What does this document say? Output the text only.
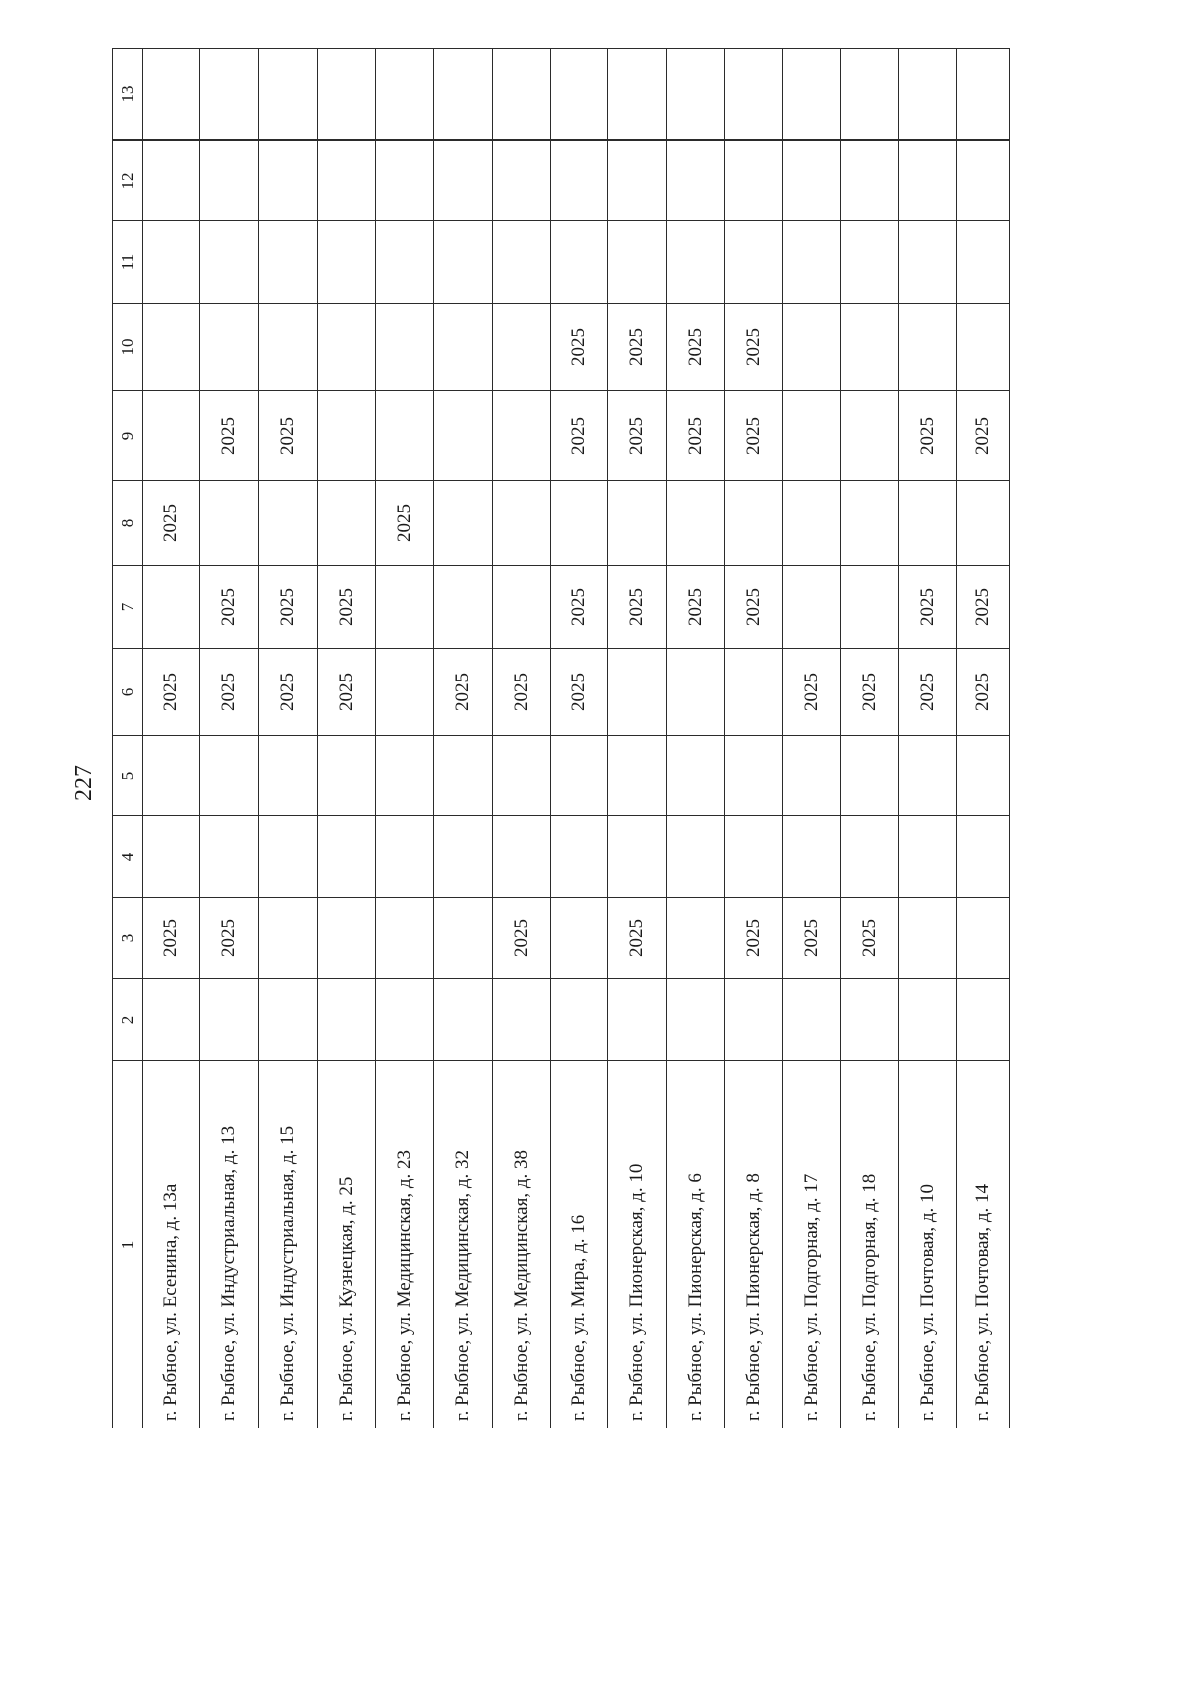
227
1
2
3
4
5
6
7
8
9
10
11
12
13
г. Рыбное, ул. Есенина, д. 13а
2025
2025
2025
г. Рыбное, ул. Индустриальная, д. 13
2025
2025
2025
2025
г. Рыбное, ул. Индустриальная, д. 15
2025
2025
2025
г. Рыбное, ул. Кузнецкая, д. 25
2025
2025
г. Рыбное, ул. Медицинская, д. 23
2025
г. Рыбное, ул. Медицинская, д. 32
2025
г. Рыбное, ул. Медицинская, д. 38
2025
2025
г. Рыбное, ул. Мира, д. 16
2025
2025
2025
2025
г. Рыбное, ул. Пионерская, д. 10
2025
2025
2025
2025
г. Рыбное, ул. Пионерская, д. 6
2025
2025
2025
г. Рыбное, ул. Пионерская, д. 8
2025
2025
2025
2025
г. Рыбное, ул. Подгорная, д. 17
2025
2025
г. Рыбное, ул. Подгорная, д. 18
2025
2025
г. Рыбное, ул. Почтовая, д. 10
2025
2025
2025
г. Рыбное, ул. Почтовая, д. 14
2025
2025
2025
